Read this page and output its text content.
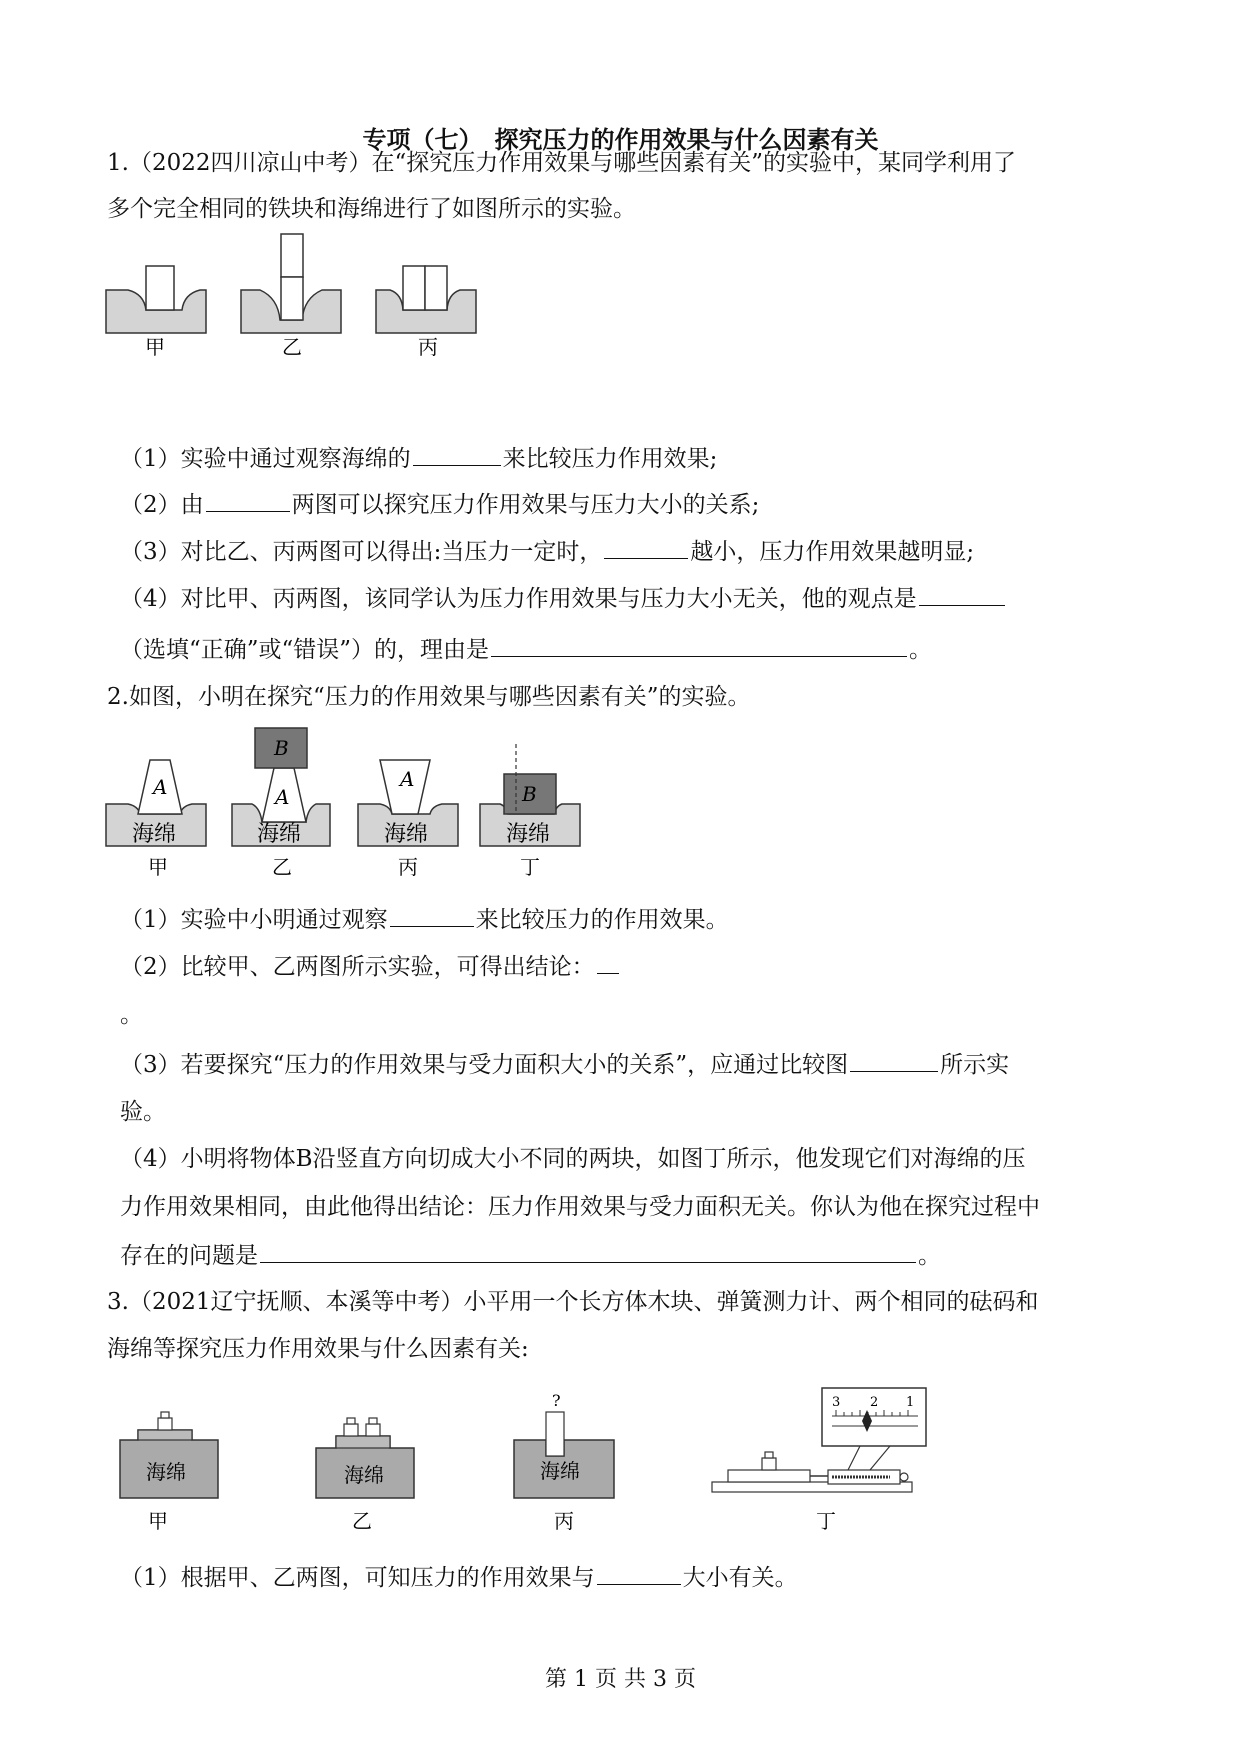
专项（七）　探究压力的作用效果与什么因素有关
1.（2022四川凉山中考）在“探究压力作用效果与哪些因素有关”的实验中，某同学利用了
多个完全相同的铁块和海绵进行了如图所示的实验。
甲	乙	丙
（1）实验中通过观察海绵的	来比较压力作用效果;
（2）由	两图可以探究压力作用效果与压力大小的关系;
（3）对比乙、丙两图可以得出:当压力一定时，	越小，压力作用效果越明显;
（4）对比甲、丙两图，该同学认为压力作用效果与压力大小无关，他的观点是
（选填“正确”或“错误”）的，理由是	。
2.如图，小明在探究“压力的作用效果与哪些因素有关”的实验。
A
海绵
B
A
海绵
A
海绵
B
海绵
甲	乙	丙	丁
（1）实验中小明通过观察	来比较压力的作用效果。
（2）比较甲、乙两图所示实验，可得出结论：
。
（3）若要探究“压力的作用效果与受力面积大小的关系”，应通过比较图	所示实
验。
（4）小明将物体B沿竖直方向切成大小不同的两块，如图丁所示，他发现它们对海绵的压
力作用效果相同，由此他得出结论：压力作用效果与受力面积无关。你认为他在探究过程中
存在的问题是	。
3.（2021辽宁抚顺、本溪等中考）小平用一个长方体木块、弹簧测力计、两个相同的砝码和
海绵等探究压力作用效果与什么因素有关:
海绵	海绵
?
海绵
3 2 1
甲	乙	丙	丁
（1）根据甲、乙两图，可知压力的作用效果与	大小有关。
第 1 页 共 3 页
